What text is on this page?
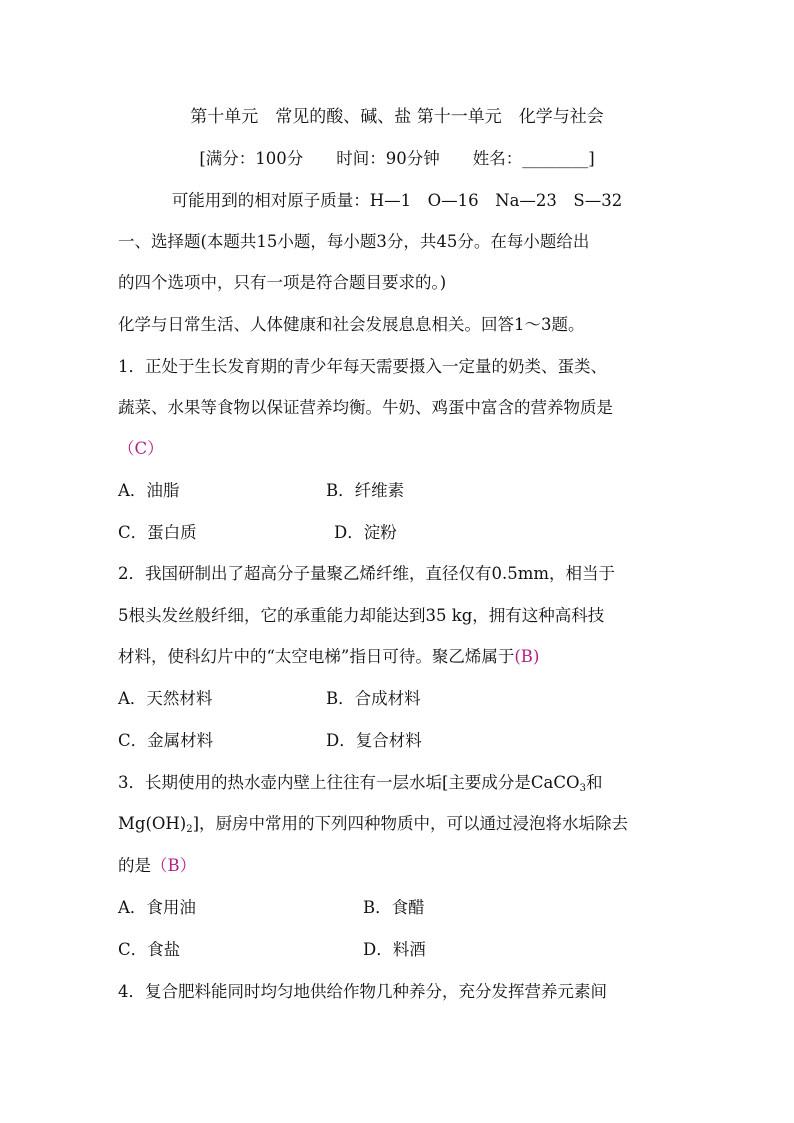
第十单元　常见的酸、碱、盐 第十一单元　化学与社会
[满分：100分　　时间：90分钟　　姓名：________]
可能用到的相对原子质量：H—1　O—16　Na—23　S—32
一、选择题(本题共15小题，每小题3分，共45分。在每小题给出
的四个选项中，只有一项是符合题目要求的。)
化学与日常生活、人体健康和社会发展息息相关。回答1～3题。
1．正处于生长发育期的青少年每天需要摄入一定量的奶类、蛋类、
蔬菜、水果等食物以保证营养均衡。牛奶、鸡蛋中富含的营养物质是
（C）
A．油脂	B．纤维素
C．蛋白质	D．淀粉
2．我国研制出了超高分子量聚乙烯纤维，直径仅有0.5mm，相当于
5根头发丝般纤细，它的承重能力却能达到35 kg，拥有这种高科技
材料，使科幻片中的“太空电梯”指日可待。聚乙烯属于(B)
A．天然材料	B．合成材料
C．金属材料	D．复合材料
3．长期使用的热水壶内壁上往往有一层水垢[主要成分是CaCO$_3$和
$Mg(OH)_2$]，厨房中常用的下列四种物质中，可以通过浸泡将水垢除去
的是（B）
A．食用油	B．食醋
C．食盐	D．料酒
4．复合肥料能同时均匀地供给作物几种养分，充分发挥营养元素间
